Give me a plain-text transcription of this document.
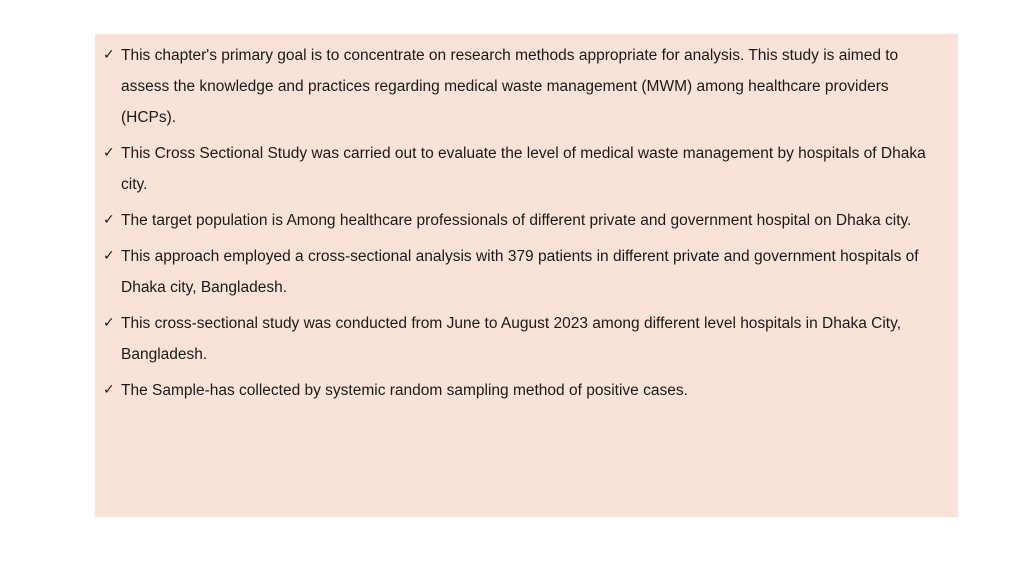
✓ This chapter's primary goal is to concentrate on research methods appropriate for analysis. This study is aimed to assess the knowledge and practices regarding medical waste management (MWM) among healthcare providers (HCPs).
✓ This Cross Sectional Study was carried out to evaluate the level of medical waste management by hospitals of Dhaka city.
✓ The target population is Among healthcare professionals of different private and government hospital on Dhaka city.
✓ This approach employed a cross-sectional analysis with 379 patients in different private and government hospitals of Dhaka city, Bangladesh.
✓ This cross-sectional study was conducted from June to August 2023 among different level hospitals in Dhaka City, Bangladesh.
✓ The Sample-has collected by systemic random sampling method of positive cases.
